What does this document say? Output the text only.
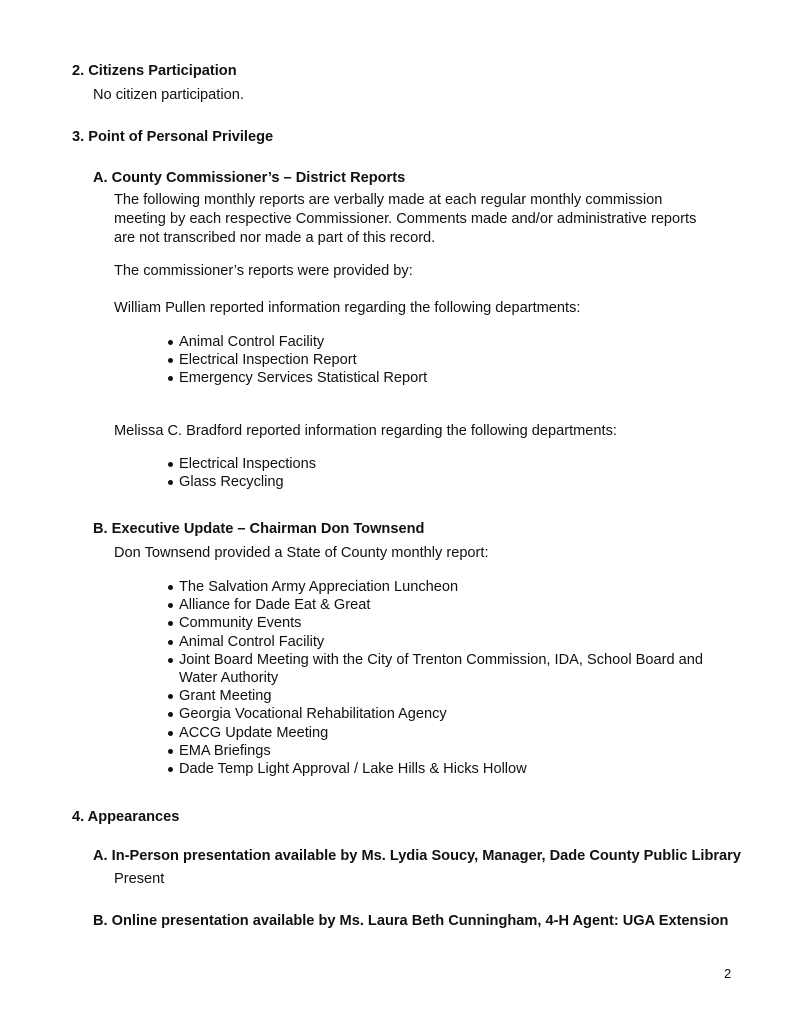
2. Citizens Participation
No citizen participation.
3. Point of Personal Privilege
A. County Commissioner’s – District Reports
The following monthly reports are verbally made at each regular monthly commission
meeting by each respective Commissioner. Comments made and/or administrative reports
are not transcribed nor made a part of this record.
The commissioner’s reports were provided by:
William Pullen reported information regarding the following departments:
Animal Control Facility
Electrical Inspection Report
Emergency Services Statistical Report
Melissa C. Bradford reported information regarding the following departments:
Electrical Inspections
Glass Recycling
B. Executive Update – Chairman Don Townsend
Don Townsend provided a State of County monthly report:
The Salvation Army Appreciation Luncheon
Alliance for Dade Eat & Great
Community Events
Animal Control Facility
Joint Board Meeting with the City of Trenton Commission, IDA, School Board and
Water Authority
Grant Meeting
Georgia Vocational Rehabilitation Agency
ACCG Update Meeting
EMA Briefings
Dade Temp Light Approval / Lake Hills & Hicks Hollow
4. Appearances
A. In-Person presentation available by Ms. Lydia Soucy, Manager, Dade County Public Library
Present
B. Online presentation available by Ms. Laura Beth Cunningham, 4-H Agent: UGA Extension
2
